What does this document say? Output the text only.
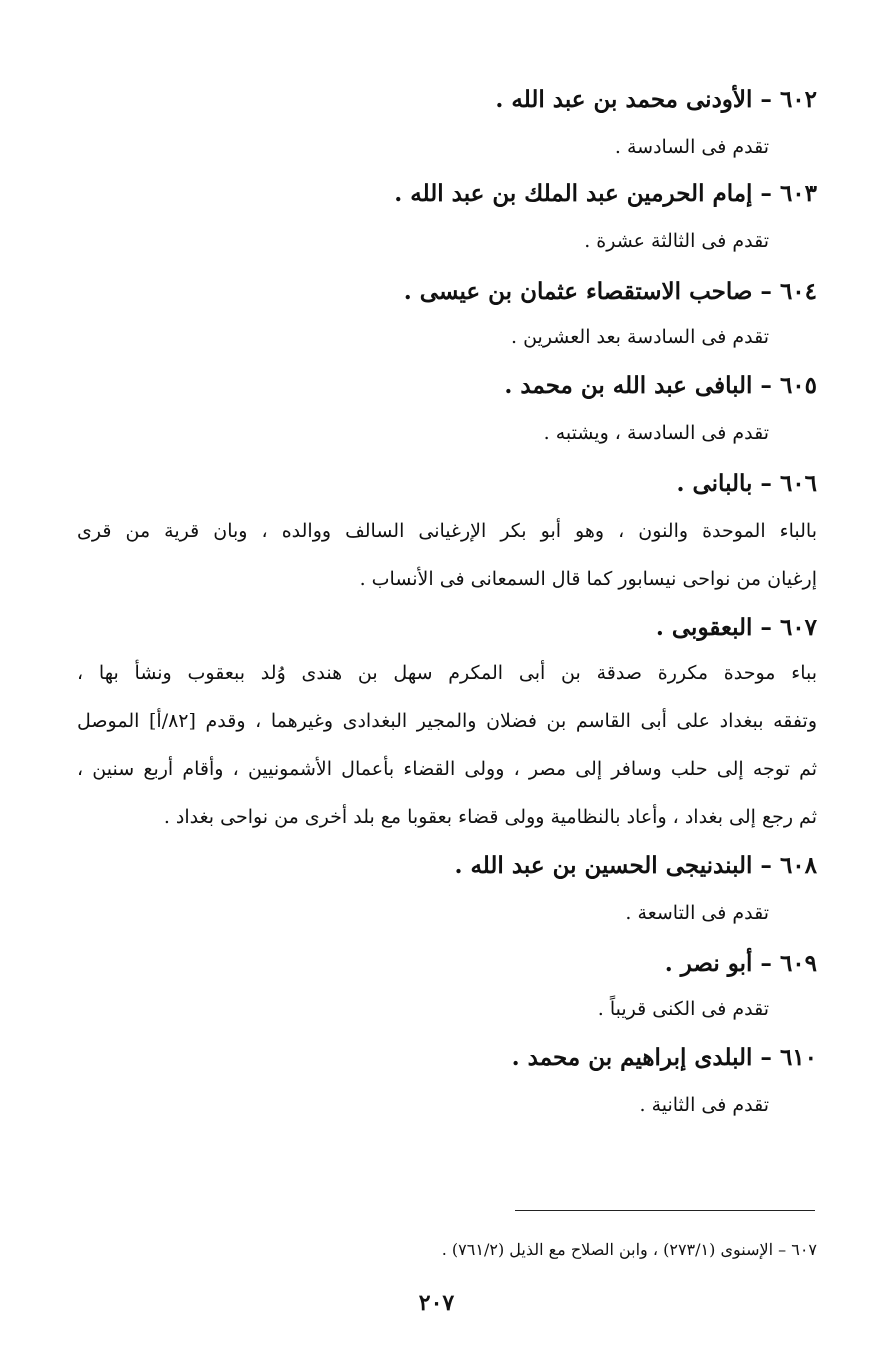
٦٠٢ – الأودنى محمد بن عبد الله .
تقدم فى السادسة .
٦٠٣ – إمام الحرمين عبد الملك بن عبد الله .
تقدم فى الثالثة عشرة .
٦٠٤ – صاحب الاستقصاء عثمان بن عيسى .
تقدم فى السادسة بعد العشرين .
٦٠٥ – البافى عبد الله بن محمد .
تقدم فى السادسة ، ويشتبه .
٦٠٦ – بالبانى .
بالباء الموحدة والنون ، وهو أبو بكر الإرغيانى السالف ووالده ، وبان قرية من قرى
إرغيان من نواحى نيسابور كما قال السمعانى فى الأنساب .
٦٠٧ – البعقوبى .
بباء موحدة مكررة صدقة بن أبى المكرم سهل بن هندى وُلد ببعقوب ونشأ بها ،
وتفقه ببغداد على أبى القاسم بن فضلان والمجير البغدادى وغيرهما ، وقدم [٨٢/أ] الموصل
ثم توجه إلى حلب وسافر إلى مصر ، وولى القضاء بأعمال الأشمونيين ، وأقام أربع سنين ،
ثم رجع إلى بغداد ، وأعاد بالنظامية وولى قضاء بعقوبا مع بلد أخرى من نواحى بغداد .
٦٠٨ – البندنيجى الحسين بن عبد الله .
تقدم فى التاسعة .
٦٠٩ – أبو نصر .
تقدم فى الكنى قريباً .
٦١٠ – البلدى إبراهيم بن محمد .
تقدم فى الثانية .
٦٠٧ – الإسنوى (٢٧٣/١) ، وابن الصلاح مع الذيل (٧٦١/٢) .
٢٠٧
